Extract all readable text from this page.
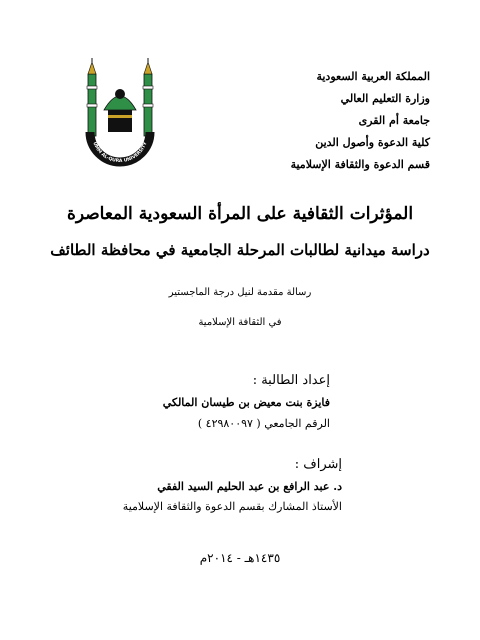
المملكة العربية السعودية
وزارة التعليم العالي
جامعة أم القرى
كلية الدعوة وأصول الدين
قسم الدعوة والثقافة الإسلامية
UMM AL-QURA UNIVERSITY
المؤثرات الثقافية على المرأة السعودية المعاصرة
دراسة ميدانية لطالبات المرحلة الجامعية في محافظة الطائف
رسالة مقدمة لنيل درجة الماجستير
في الثقافة الإسلامية
إعداد الطالبة :
فايزة بنت معيض بن طيسان المالكي
الرقم الجامعي ( ٤٢٩٨٠٠٩٧ )
إشراف :
د. عبد الرافع بن عبد الحليم السيد الفقي
الأستاذ المشارك بقسم الدعوة والثقافة الإسلامية
١٤٣٥هـ - ٢٠١٤م
